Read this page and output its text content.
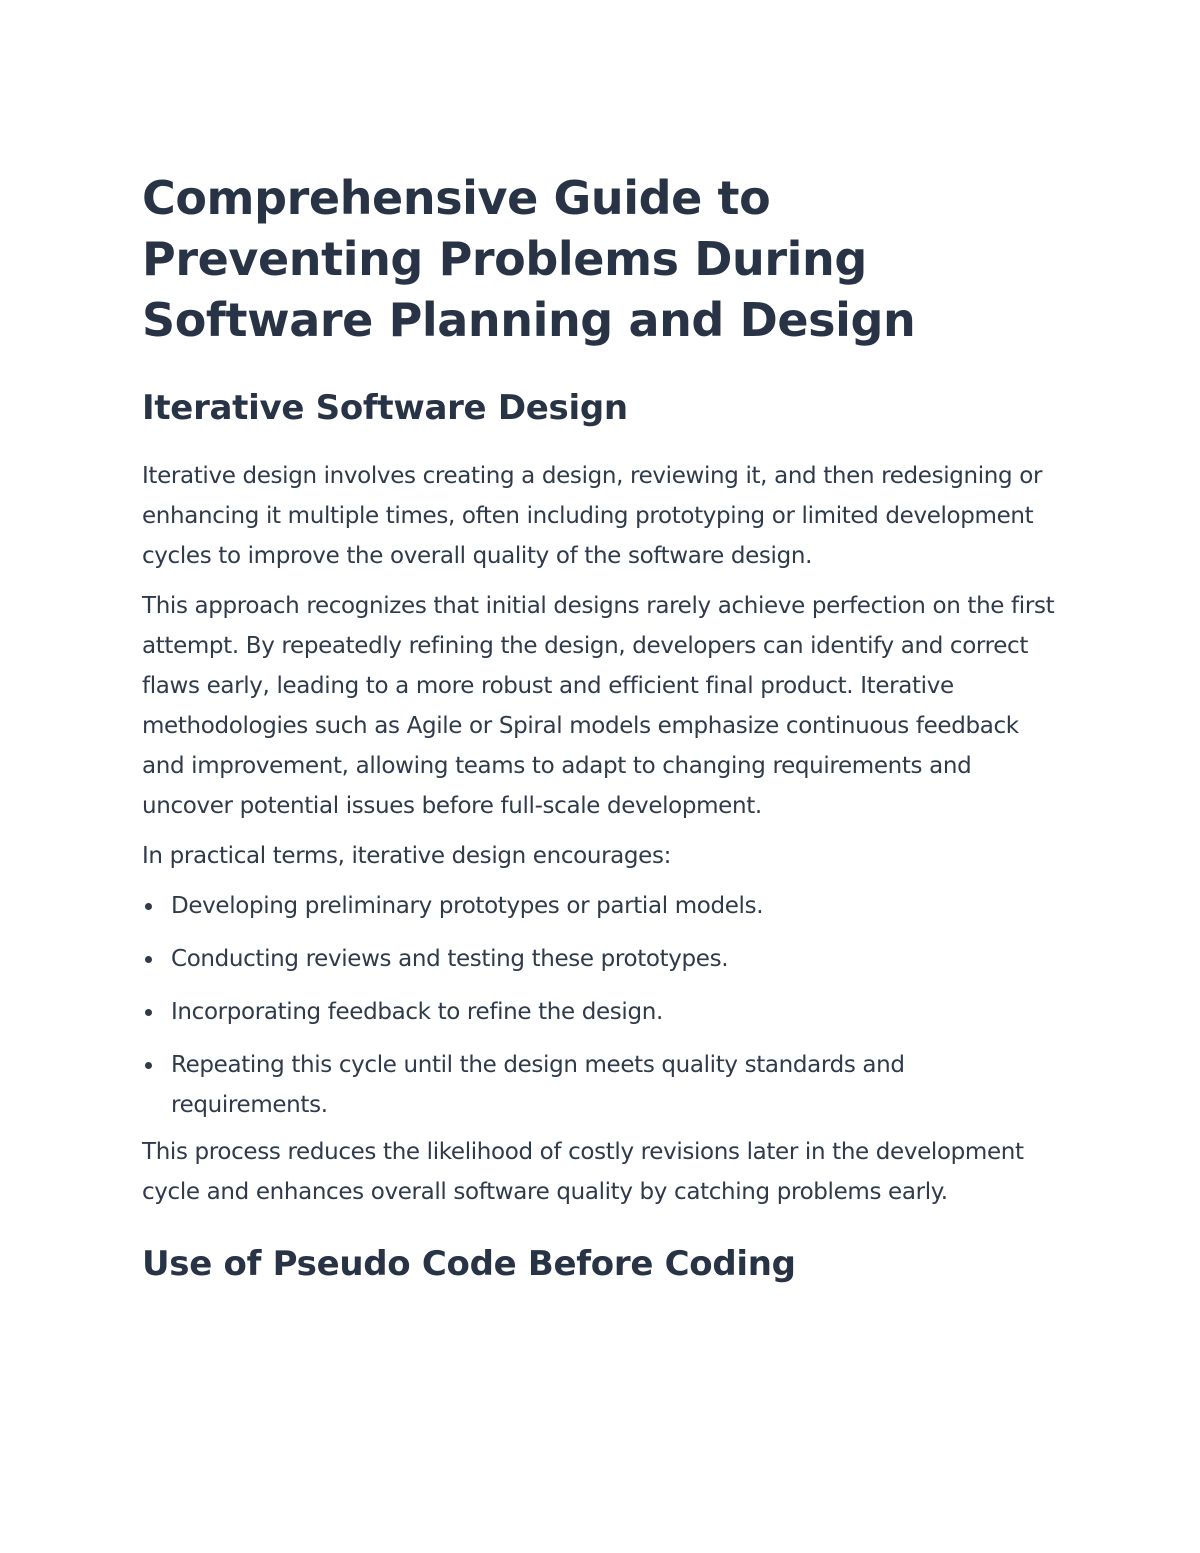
Comprehensive Guide to Preventing Problems During Software Planning and Design
Iterative Software Design

Iterative design involves creating a design, reviewing it, and then redesigning or enhancing it multiple times, often including prototyping or limited development cycles to improve the overall quality of the software design.

This approach recognizes that initial designs rarely achieve perfection on the first attempt. By repeatedly refining the design, developers can identify and correct flaws early, leading to a more robust and efficient final product. Iterative methodologies such as Agile or Spiral models emphasize continuous feedback and improvement, allowing teams to adapt to changing requirements and uncover potential issues before full-scale development.

In practical terms, iterative design encourages:

Developing preliminary prototypes or partial models.
Conducting reviews and testing these prototypes.
Incorporating feedback to refine the design.
Repeating this cycle until the design meets quality standards and requirements.

This process reduces the likelihood of costly revisions later in the development cycle and enhances overall software quality by catching problems early.

Use of Pseudo Code Before Coding
